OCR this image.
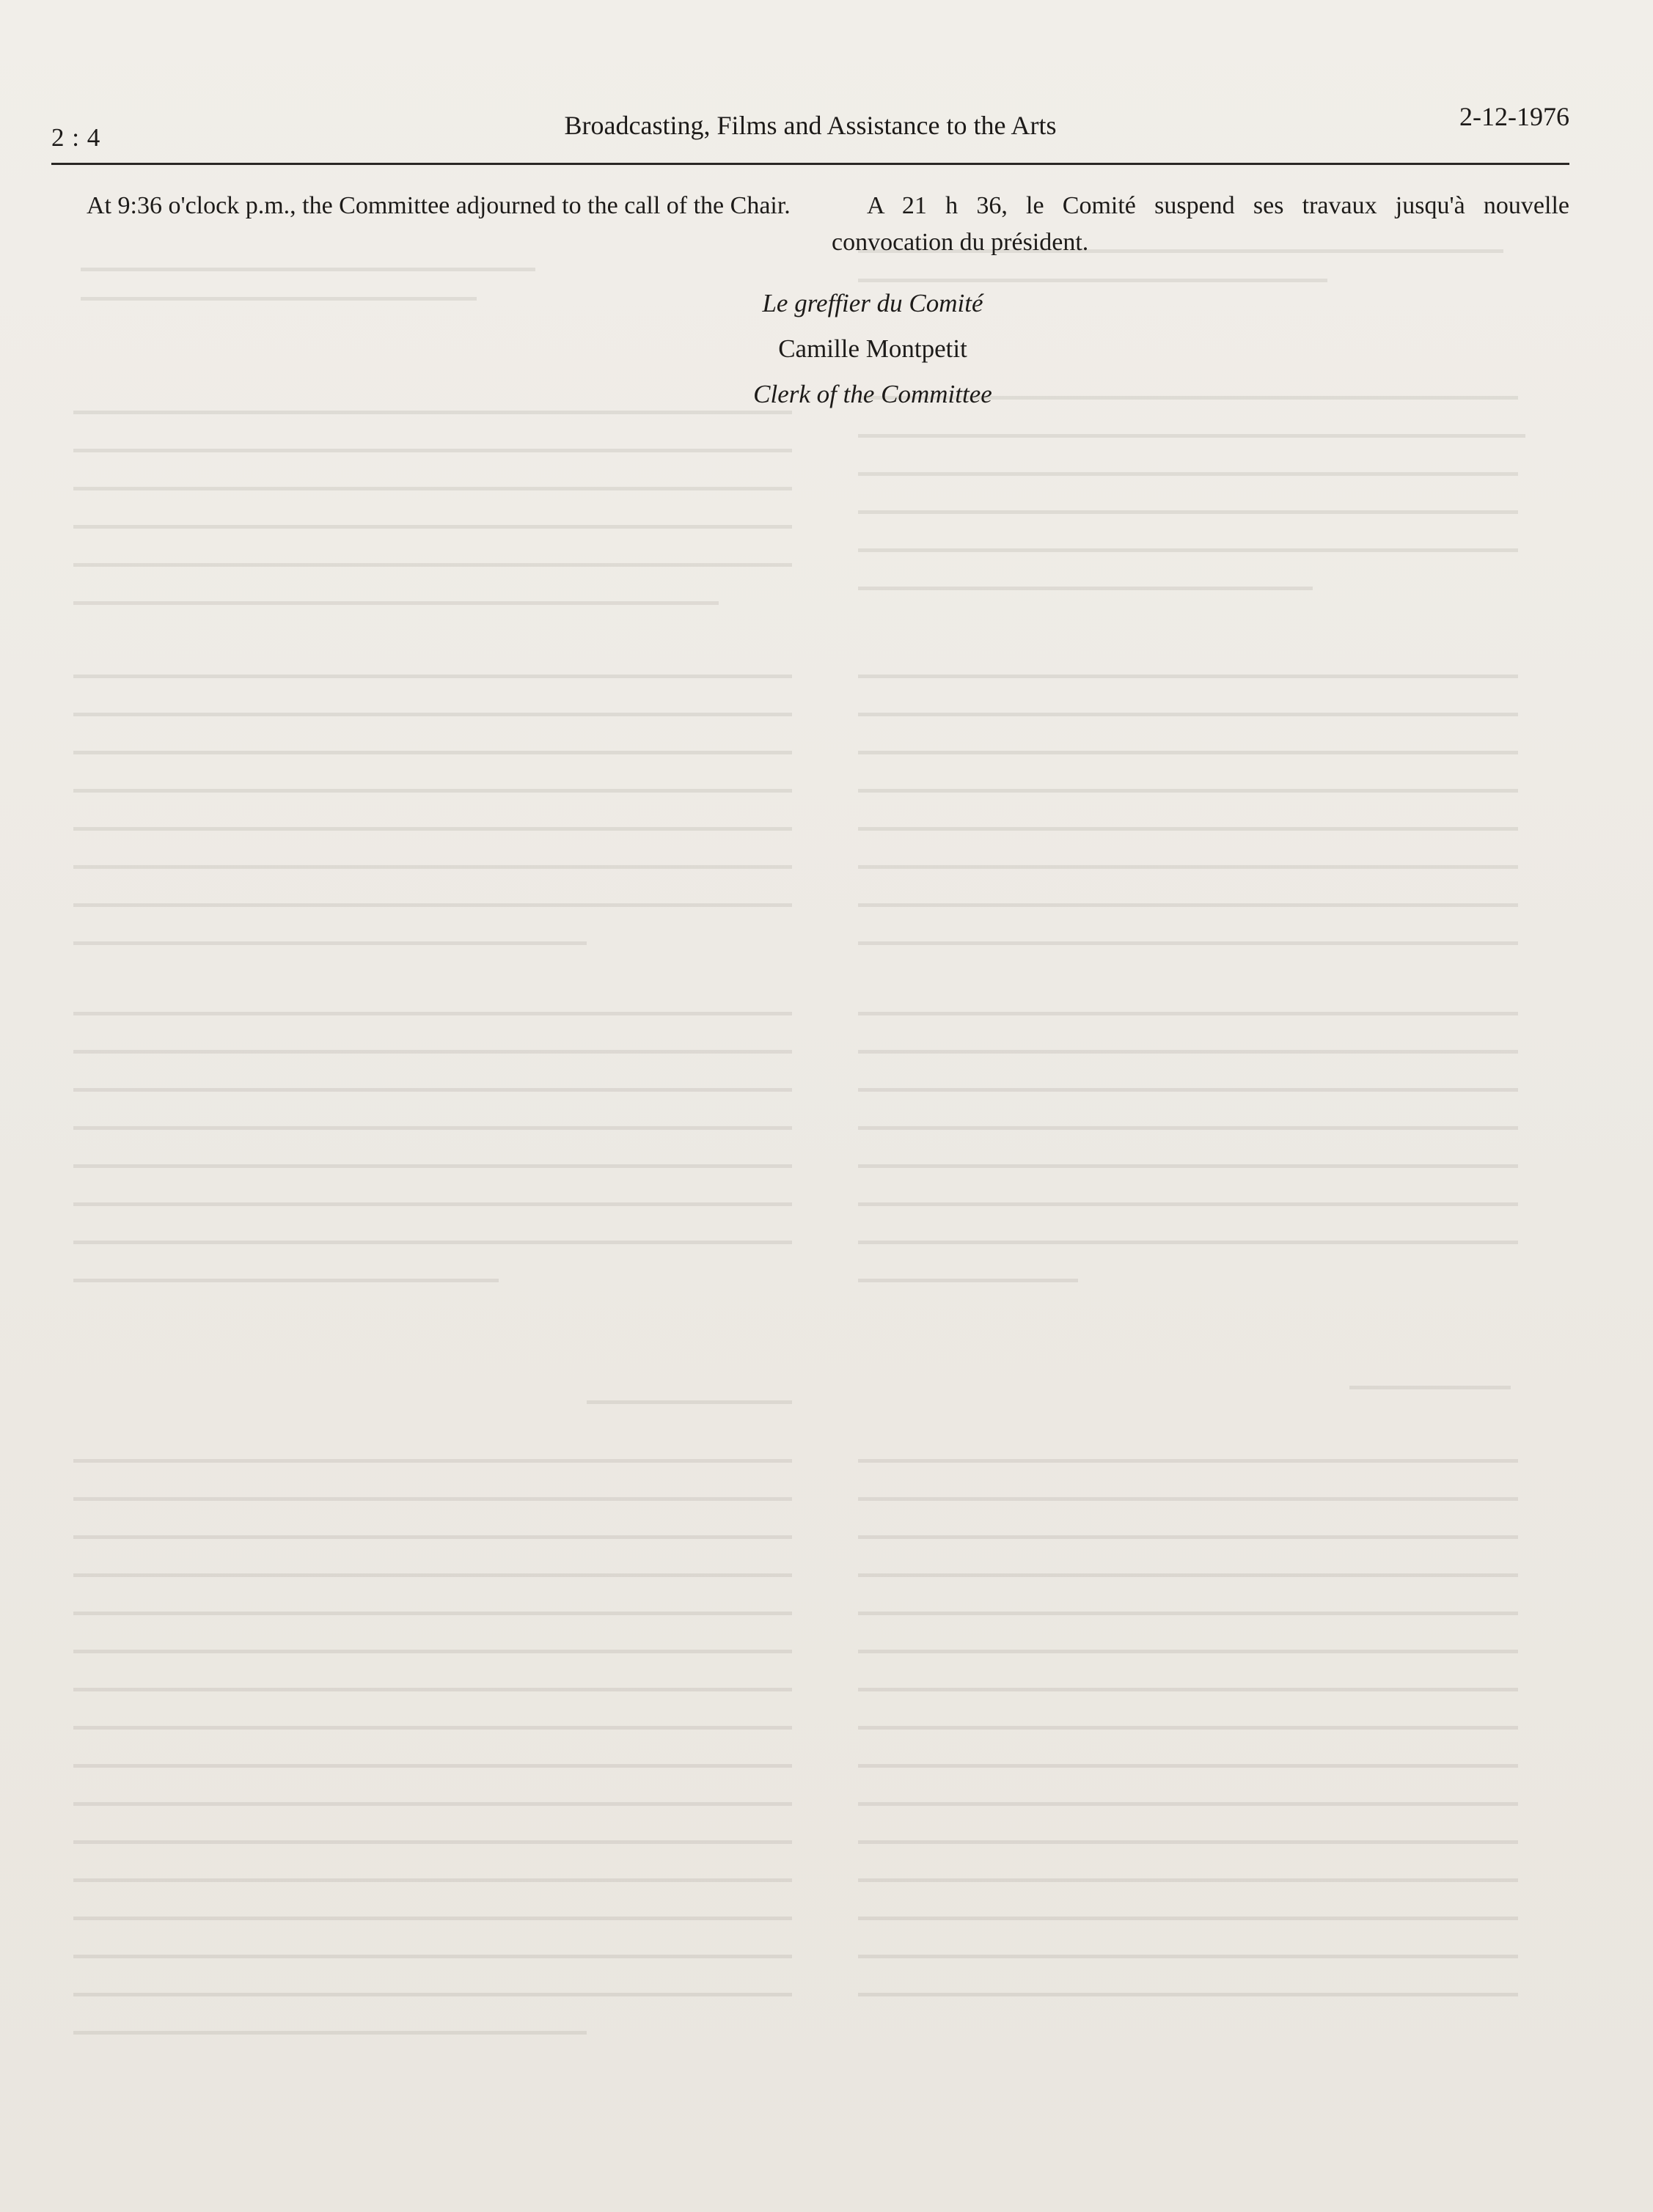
2 : 4	Broadcasting, Films and Assistance to the Arts	2-12-1976

At 9:36 o'clock p.m., the Committee adjourned to the call of the Chair.	A 21 h 36, le Comité suspend ses travaux jusqu'à nouvelle convocation du président.

Le greffier du Comité
Camille Montpetit
Clerk of the Committee
